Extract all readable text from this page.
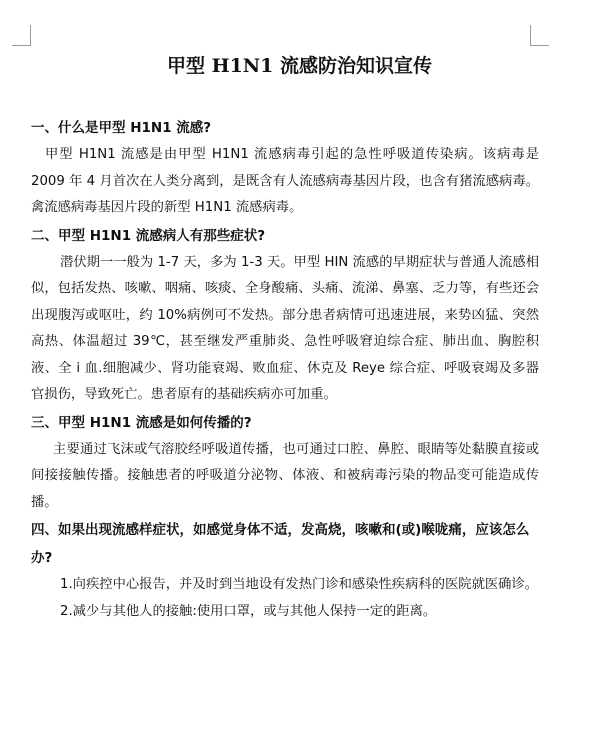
甲型 H1N1 流感防治知识宣传

一、什么是甲型 H1N1 流感?

甲型 H1N1 流感是由甲型 H1N1 流感病毒引起的急性呼吸道传染病。该病毒是 2009 年 4 月首次在人类分离到，是既含有人流感病毒基因片段，也含有猪流感病毒。禽流感病毒基因片段的新型 H1N1 流感病毒。

二、甲型 H1N1 流感病人有那些症状?

潜伏期一一般为 1-7 天，多为 1-3 天。甲型 HIN 流感的早期症状与普通人流感相似，包括发热、咳嗽、咽痛、咳痰、全身酸痛、头痛、流涕、鼻塞、乏力等，有些还会出现腹泻或呕吐，约 10%病例可不发热。部分患者病情可迅速进展，来势凶猛、突然高热、体温超过 39℃，甚至继发严重肺炎、急性呼吸窘迫综合症、肺出血、胸腔积液、全 i 血.细胞减少、肾功能衰竭、败血症、休克及 Reye 综合症、呼吸衰竭及多器官损伤，导致死亡。患者原有的基础疾病亦可加重。

三、甲型 H1N1 流感是如何传播的?

主要通过飞沫或气溶胶经呼吸道传播，也可通过口腔、鼻腔、眼睛等处黏膜直接或间接接触传播。接触患者的呼吸道分泌物、体液、和被病毒污染的物品变可能造成传播。

四、如果出现流感样症状，如感觉身体不适，发高烧，咳嗽和(或)喉咙痛，应该怎么办?

1.向疾控中心报告，并及时到当地设有发热门诊和感染性疾病科的医院就医确诊。

2.减少与其他人的接触:使用口罩，或与其他人保持一定的距离。
